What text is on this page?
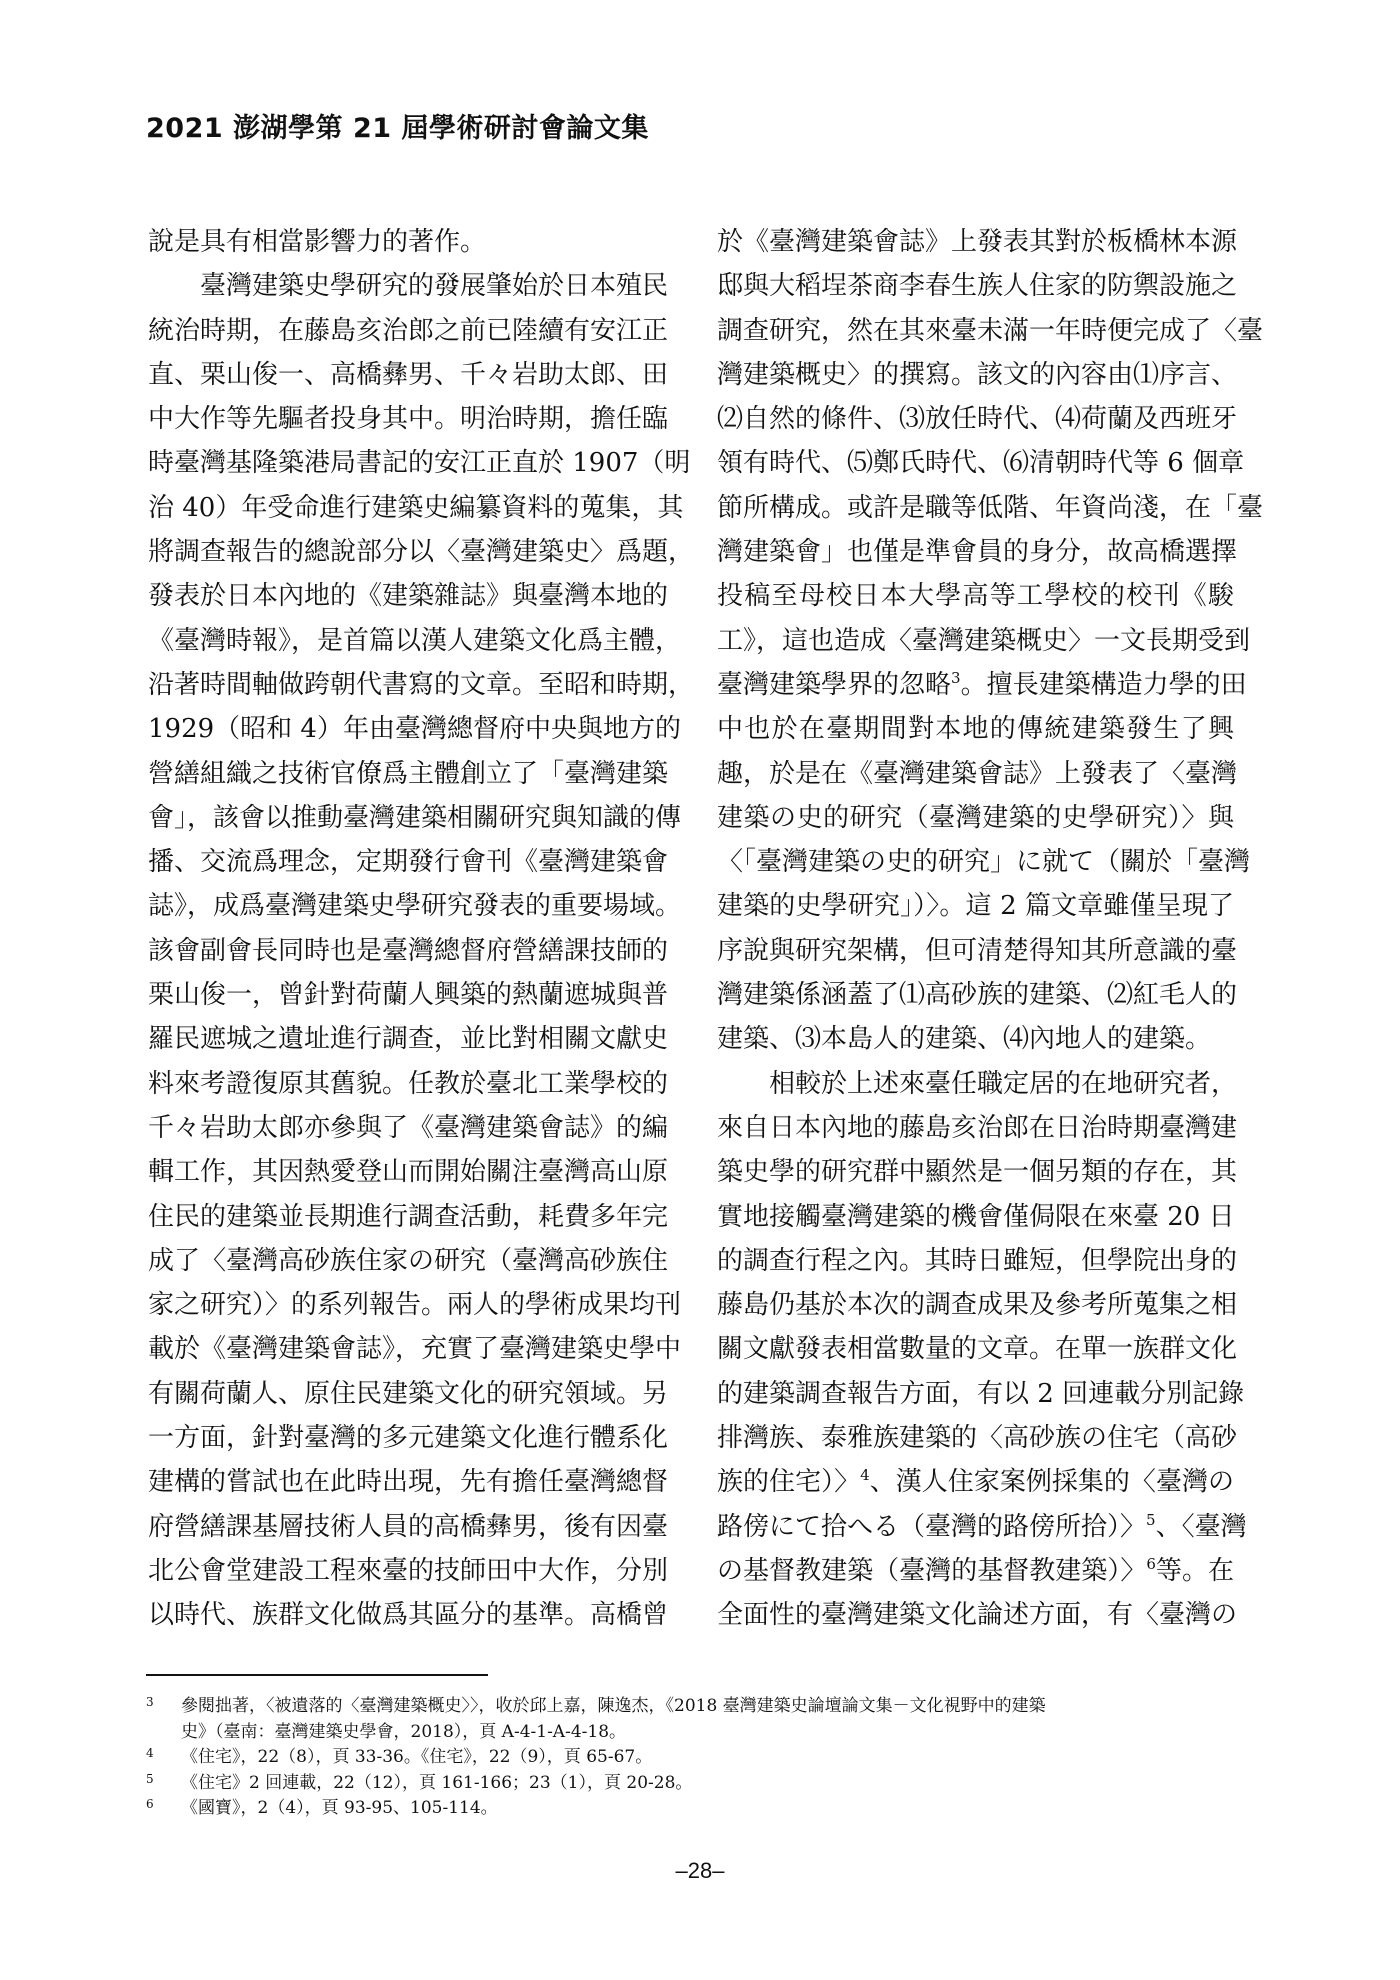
2021 澎湖學第 21 屆學術研討會論文集
說是具有相當影響力的著作。
臺灣建築史學研究的發展肇始於日本殖民
統治時期，在藤島亥治郎之前已陸續有安江正
直、栗山俊一、高橋彝男、千々岩助太郎、田
中大作等先驅者投身其中。明治時期，擔任臨
時臺灣基隆築港局書記的安江正直於 1907（明
治 40）年受命進行建築史編纂資料的蒐集，其
將調查報告的總說部分以〈臺灣建築史〉爲題，
發表於日本內地的《建築雜誌》與臺灣本地的
《臺灣時報》，是首篇以漢人建築文化爲主體，
沿著時間軸做跨朝代書寫的文章。至昭和時期，
1929（昭和 4）年由臺灣總督府中央與地方的
營繕組織之技術官僚爲主體創立了「臺灣建築
會」，該會以推動臺灣建築相關研究與知識的傳
播、交流爲理念，定期發行會刊《臺灣建築會
誌》，成爲臺灣建築史學研究發表的重要場域。
該會副會長同時也是臺灣總督府營繕課技師的
栗山俊一，曾針對荷蘭人興築的熱蘭遮城與普
羅民遮城之遺址進行調查，並比對相關文獻史
料來考證復原其舊貌。任教於臺北工業學校的
千々岩助太郎亦參與了《臺灣建築會誌》的編
輯工作，其因熱愛登山而開始關注臺灣高山原
住民的建築並長期進行調查活動，耗費多年完
成了〈臺灣高砂族住家の研究（臺灣高砂族住
家之研究）〉的系列報告。兩人的學術成果均刊
載於《臺灣建築會誌》，充實了臺灣建築史學中
有關荷蘭人、原住民建築文化的研究領域。另
一方面，針對臺灣的多元建築文化進行體系化
建構的嘗試也在此時出現，先有擔任臺灣總督
府營繕課基層技術人員的高橋彝男，後有因臺
北公會堂建設工程來臺的技師田中大作，分別
以時代、族群文化做爲其區分的基準。高橋曾
於《臺灣建築會誌》上發表其對於板橋林本源
邸與大稻埕茶商李春生族人住家的防禦設施之
調查研究，然在其來臺未滿一年時便完成了〈臺
灣建築概史〉的撰寫。該文的內容由⑴序言、
⑵自然的條件、⑶放任時代、⑷荷蘭及西班牙
領有時代、⑸鄭氏時代、⑹清朝時代等 6 個章
節所構成。或許是職等低階、年資尚淺，在「臺
灣建築會」也僅是準會員的身分，故高橋選擇
投稿至母校日本大學高等工學校的校刊《駿
工》，這也造成〈臺灣建築概史〉一文長期受到
臺灣建築學界的忽略$^3$。擅長建築構造力學的田
中也於在臺期間對本地的傳統建築發生了興
趣，於是在《臺灣建築會誌》上發表了〈臺灣
建築の史的研究（臺灣建築的史學研究）〉與
〈「臺灣建築の史的研究」に就て（關於「臺灣
建築的史學研究」）〉。這 2 篇文章雖僅呈現了
序說與研究架構，但可清楚得知其所意識的臺
灣建築係涵蓋了⑴高砂族的建築、⑵紅毛人的
建築、⑶本島人的建築、⑷內地人的建築。
相較於上述來臺任職定居的在地研究者，
來自日本內地的藤島亥治郎在日治時期臺灣建
築史學的研究群中顯然是一個另類的存在，其
實地接觸臺灣建築的機會僅侷限在來臺 20 日
的調查行程之內。其時日雖短，但學院出身的
藤島仍基於本次的調查成果及參考所蒐集之相
關文獻發表相當數量的文章。在單一族群文化
的建築調查報告方面，有以 2 回連載分別記錄
排灣族、泰雅族建築的〈高砂族の住宅（高砂
族的住宅）〉$^4$、漢人住家案例採集的〈臺灣の
路傍にて拾へる（臺灣的路傍所拾）〉$^5$、〈臺灣
の基督教建築（臺灣的基督教建築）〉$^6$等。在
全面性的臺灣建築文化論述方面，有〈臺灣の
3 參閱拙著，〈被遺落的〈臺灣建築概史〉〉，收於邱上嘉，陳逸杰，《2018 臺灣建築史論壇論文集－文化視野中的建築
史》（臺南：臺灣建築史學會，2018），頁 A-4-1-A-4-18。
4 《住宅》，22（8），頁 33-36。《住宅》，22（9），頁 65-67。
5 《住宅》2 回連載，22（12），頁 161-166；23（1），頁 20-28。
6 《國寶》，2（4），頁 93-95、105-114。
–28–
